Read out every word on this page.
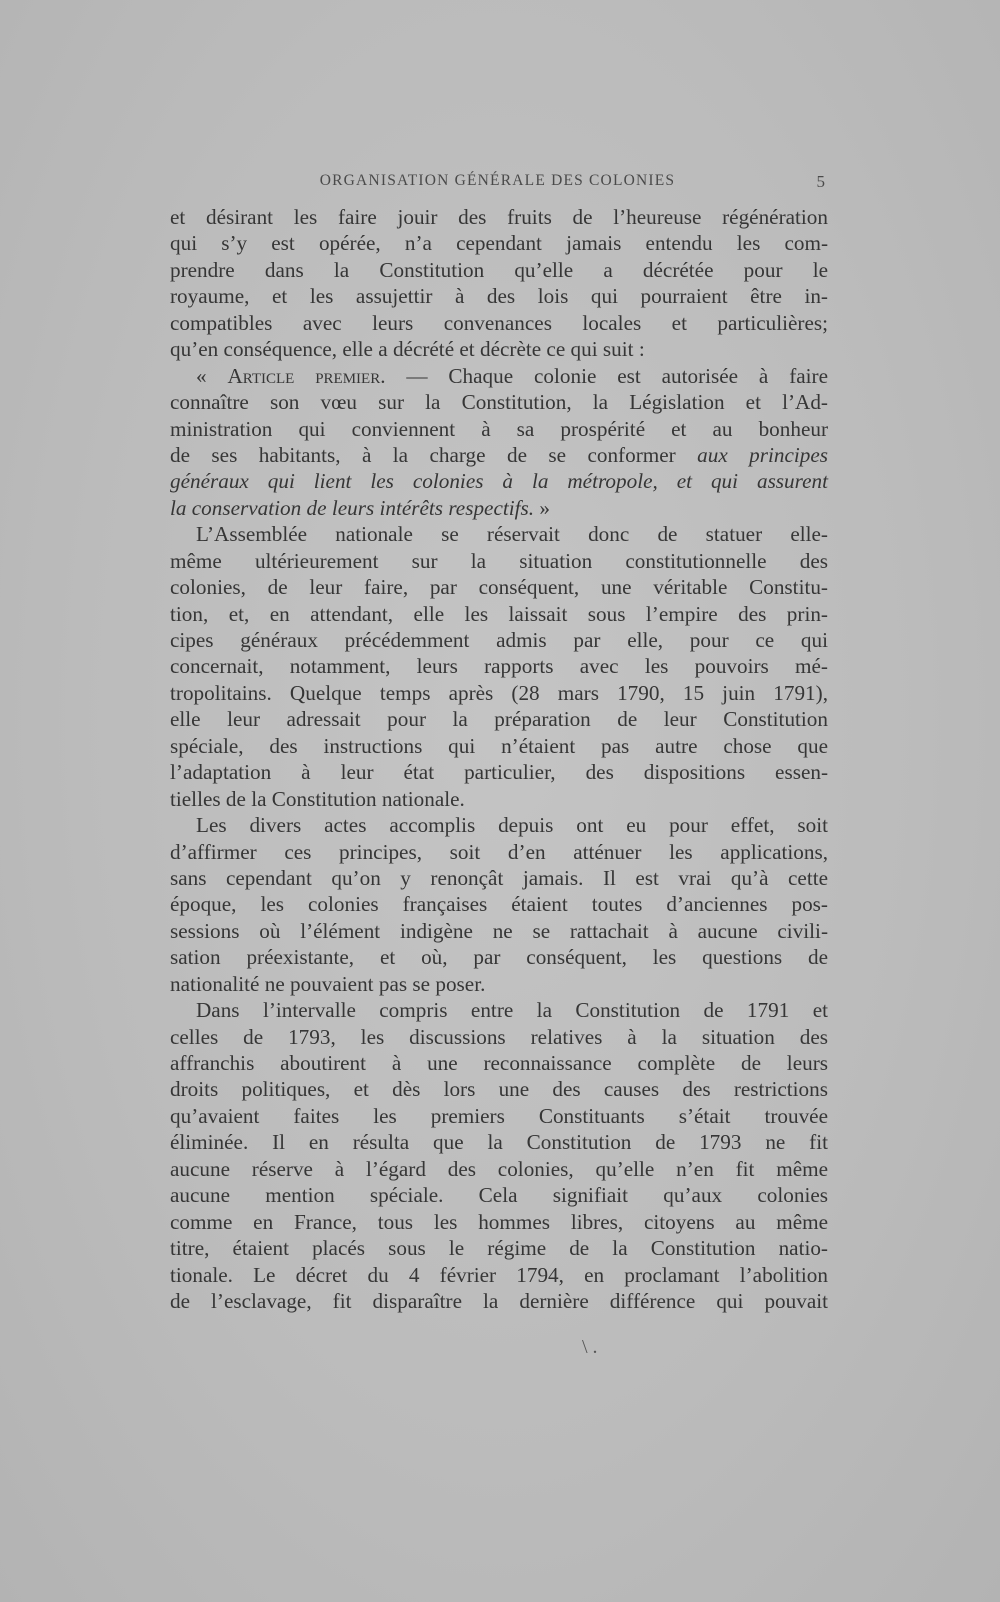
ORGANISATION GÉNÉRALE DES COLONIES	5
et désirant les faire jouir des fruits de l’heureuse régénération
qui s’y est opérée, n’a cependant jamais entendu les com-
prendre dans la Constitution qu’elle a décrétée pour le
royaume, et les assujettir à des lois qui pourraient être in-
compatibles avec leurs convenances locales et particulières;
qu’en conséquence, elle a décrété et décrète ce qui suit :
« Article premier. — Chaque colonie est autorisée à faire
connaître son vœu sur la Constitution, la Législation et l’Ad-
ministration qui conviennent à sa prospérité et au bonheur
de ses habitants, à la charge de se conformer aux principes
généraux qui lient les colonies à la métropole, et qui assurent
la conservation de leurs intérêts respectifs. »
L’Assemblée nationale se réservait donc de statuer elle-
même ultérieurement sur la situation constitutionnelle des
colonies, de leur faire, par conséquent, une véritable Constitu-
tion, et, en attendant, elle les laissait sous l’empire des prin-
cipes généraux précédemment admis par elle, pour ce qui
concernait, notamment, leurs rapports avec les pouvoirs mé-
tropolitains. Quelque temps après (28 mars 1790, 15 juin 1791),
elle leur adressait pour la préparation de leur Constitution
spéciale, des instructions qui n’étaient pas autre chose que
l’adaptation à leur état particulier, des dispositions essen-
tielles de la Constitution nationale.
Les divers actes accomplis depuis ont eu pour effet, soit
d’affirmer ces principes, soit d’en atténuer les applications,
sans cependant qu’on y renonçât jamais. Il est vrai qu’à cette
époque, les colonies françaises étaient toutes d’anciennes pos-
sessions où l’élément indigène ne se rattachait à aucune civili-
sation préexistante, et où, par conséquent, les questions de
nationalité ne pouvaient pas se poser.
Dans l’intervalle compris entre la Constitution de 1791 et
celles de 1793, les discussions relatives à la situation des
affranchis aboutirent à une reconnaissance complète de leurs
droits politiques, et dès lors une des causes des restrictions
qu’avaient faites les premiers Constituants s’était trouvée
éliminée. Il en résulta que la Constitution de 1793 ne fit
aucune réserve à l’égard des colonies, qu’elle n’en fit même
aucune mention spéciale. Cela signifiait qu’aux colonies
comme en France, tous les hommes libres, citoyens au même
titre, étaient placés sous le régime de la Constitution natio-
tionale. Le décret du 4 février 1794, en proclamant l’abolition
de l’esclavage, fit disparaître la dernière différence qui pouvait
\ .
